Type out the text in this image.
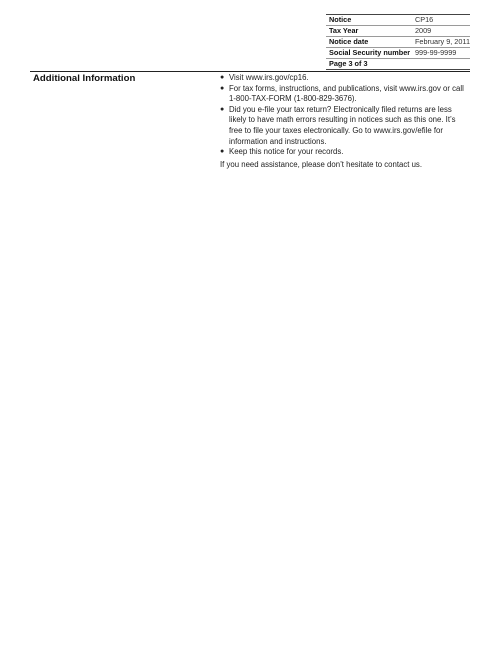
Notice	CP16
Tax Year	2009
Notice date	February 9, 2011
Social Security number	999-99-9999
Page 3 of 3	
Additional Information	● Visit www.irs.gov/cp16.
● For tax forms, instructions, and publications, visit www.irs.gov or call 1-800-TAX-FORM (1-800-829-3676).
● Did you e-file your tax return? Electronically filed returns are less likely to have math errors resulting in notices such as this one. It’s free to file your taxes electronically. Go to www.irs.gov/efile for information and instructions.
● Keep this notice for your records.
If you need assistance, please don’t hesitate to contact us.
